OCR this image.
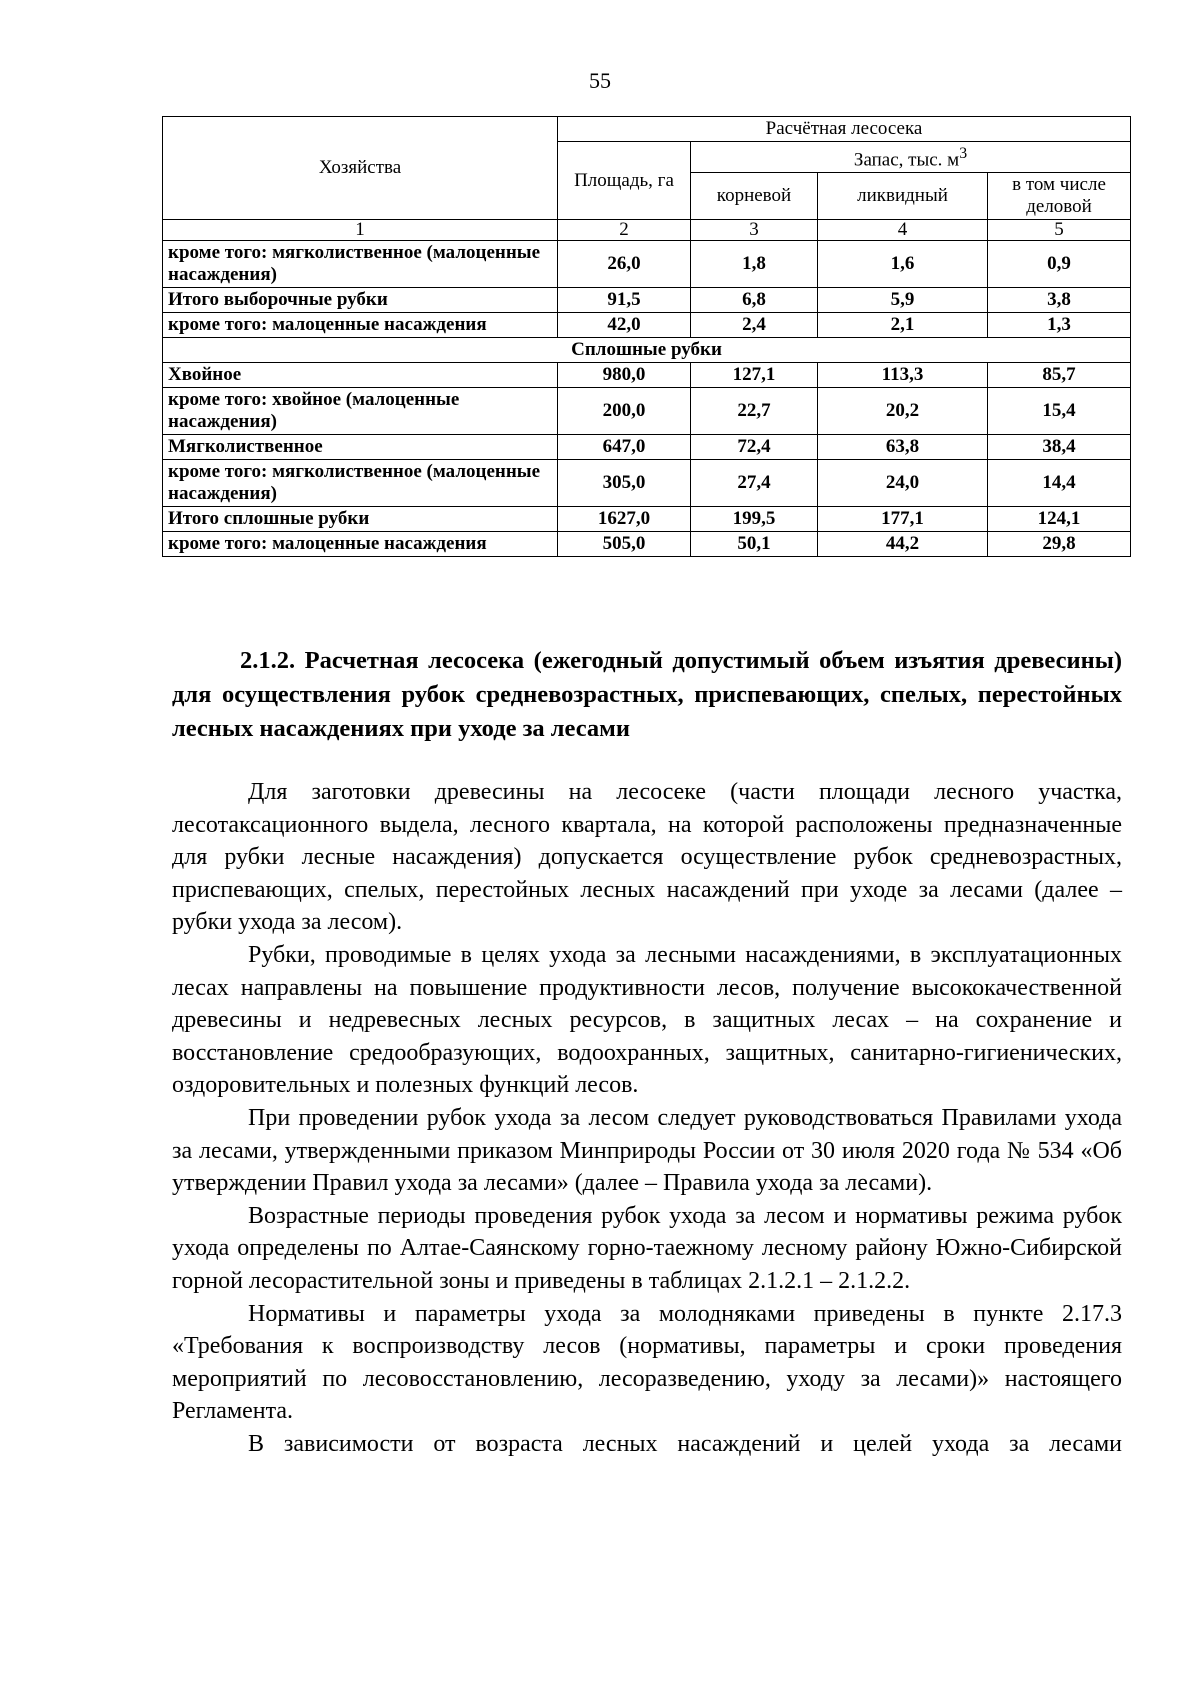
55
Хозяйства	Расчётная лесосека			
	Площадь, га	Запас, тыс. $м^3$
		корневой	ликвидный	в том числе деловой
1	2	3	4	5
кроме того: мягколиственное (малоценные насаждения)	26,0	1,8	1,6	0,9
Итого выборочные рубки	91,5	6,8	5,9	3,8
кроме того: малоценные насаждения	42,0	2,4	2,1	1,3
Сплошные рубки				
Хвойное	980,0	127,1	113,3	85,7
кроме того: хвойное (малоценные насаждения)	200,0	22,7	20,2	15,4
Мягколиственное	647,0	72,4	63,8	38,4
кроме того: мягколиственное (малоценные насаждения)	305,0	27,4	24,0	14,4
Итого сплошные рубки	1627,0	199,5	177,1	124,1
кроме того: малоценные насаждения	505,0	50,1	44,2	29,8

2.1.2. Расчетная лесосека (ежегодный допустимый объем изъятия древесины) для осуществления рубок средневозрастных, приспевающих, спелых, перестойных лесных насаждениях при уходе за лесами

Для заготовки древесины на лесосеке (части площади лесного участка, лесотаксационного выдела, лесного квартала, на которой расположены предназначенные для рубки лесные насаждения) допускается осуществление рубок средневозрастных, приспевающих, спелых, перестойных лесных насаждений при уходе за лесами (далее – рубки ухода за лесом).

Рубки, проводимые в целях ухода за лесными насаждениями, в эксплуатационных лесах направлены на повышение продуктивности лесов, получение высококачественной древесины и недревесных лесных ресурсов, в защитных лесах – на сохранение и восстановление средообразующих, водоохранных, защитных, санитарно-гигиенических, оздоровительных и полезных функций лесов.

При проведении рубок ухода за лесом следует руководствоваться Правилами ухода за лесами, утвержденными приказом Минприроды России от 30 июля 2020 года № 534 «Об утверждении Правил ухода за лесами» (далее – Правила ухода за лесами).

Возрастные периоды проведения рубок ухода за лесом и нормативы режима рубок ухода определены по Алтае-Саянскому горно-таежному лесному району Южно-Сибирской горной лесорастительной зоны и приведены в таблицах 2.1.2.1 – 2.1.2.2.

Нормативы и параметры ухода за молодняками приведены в пункте 2.17.3 «Требования к воспроизводству лесов (нормативы, параметры и сроки проведения мероприятий по лесовосстановлению, лесоразведению, уходу за лесами)» настоящего Регламента.

В зависимости от возраста лесных насаждений и целей ухода за лесами
